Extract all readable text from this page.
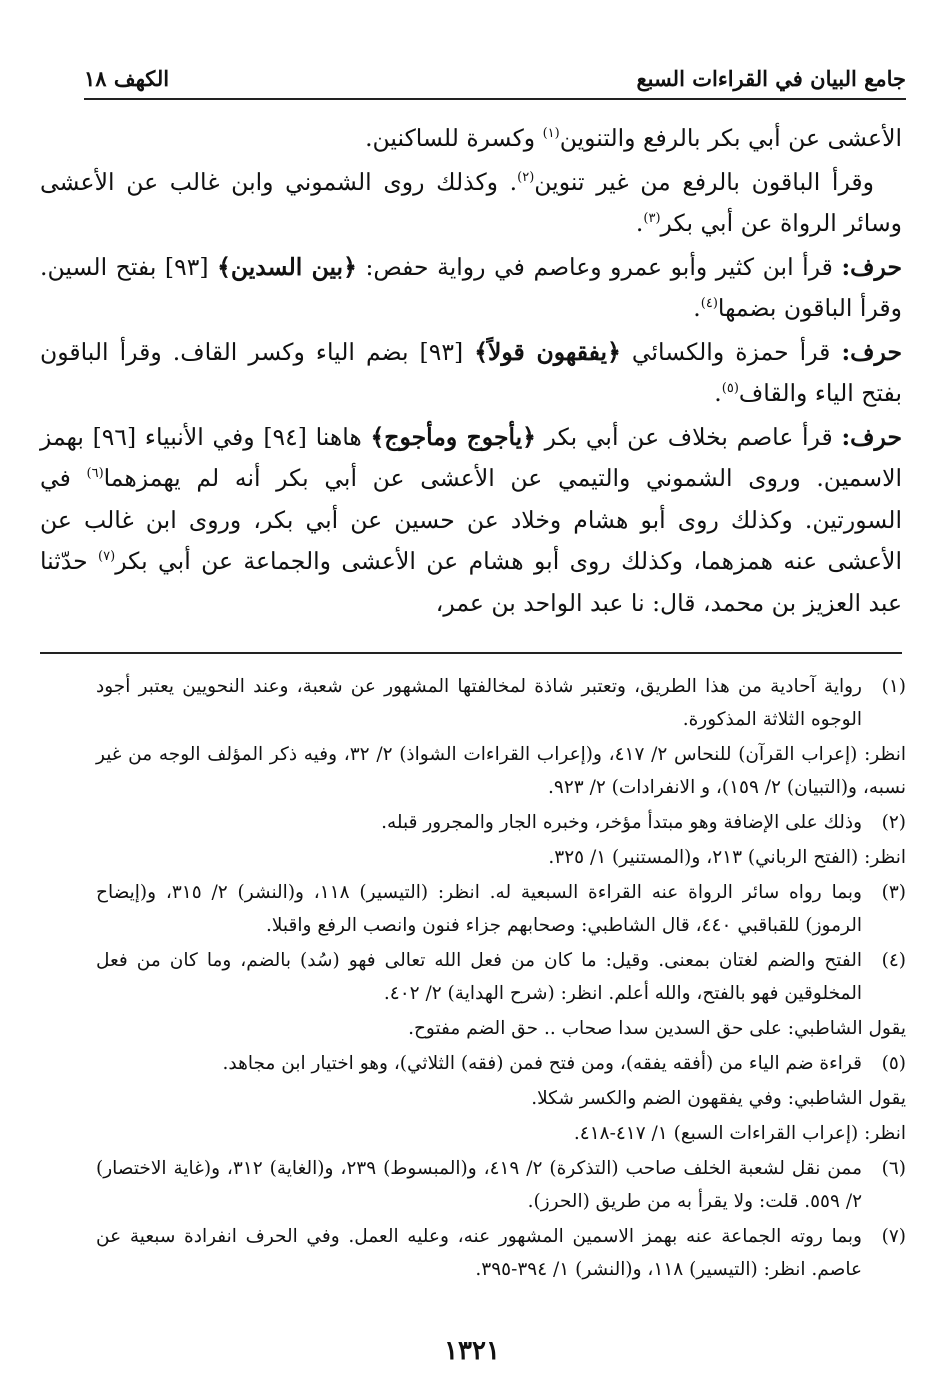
جامع البيان في القراءات السبع
الكهف ١٨

الأعشى عن أبي بكر بالرفع والتنوين$^{(١)}$ وكسرة للساكنين.

وقرأ الباقون بالرفع من غير تنوين$^{(٢)}$. وكذلك روى الشموني وابن غالب عن الأعشى وسائر الرواة عن أبي بكر$^{(٣)}$.

حرف: قرأ ابن كثير وأبو عمرو وعاصم في رواية حفص: ﴿بين السدين﴾ [٩٣] بفتح السين. وقرأ الباقون بضمها$^{(٤)}$.

حرف: قرأ حمزة والكسائي ﴿يفقهون قولاً﴾ [٩٣] بضم الياء وكسر القاف. وقرأ الباقون بفتح الياء والقاف$^{(٥)}$.

حرف: قرأ عاصم بخلاف عن أبي بكر ﴿يأجوج ومأجوج﴾ هاهنا [٩٤] وفي الأنبياء [٩٦] بهمز الاسمين. وروى الشموني والتيمي عن الأعشى عن أبي بكر أنه لم يهمزهما$^{(٦)}$ في السورتين. وكذلك روى أبو هشام وخلاد عن حسين عن أبي بكر، وروى ابن غالب عن الأعشى عنه همزهما، وكذلك روى أبو هشام عن الأعشى والجماعة عن أبي بكر$^{(٧)}$ حدّثنا عبد العزيز بن محمد، قال: نا عبد الواحد بن عمر،

(١)رواية آحادية من هذا الطريق، وتعتبر شاذة لمخالفتها المشهور عن شعبة، وعند النحويين يعتبر أجود الوجوه الثلاثة المذكورة.

انظر: (إعراب القرآن) للنحاس ٢/ ٤١٧، و(إعراب القراءات الشواذ) ٢/ ٣٢، وفيه ذكر المؤلف الوجه من غير نسبه، و(التبيان) ٢/ ١٥٩)، و الانفرادات) ٢/ ٩٢٣.

(٢)وذلك على الإضافة وهو مبتدأ مؤخر، وخبره الجار والمجرور قبله.

انظر: (الفتح الرباني) ٢١٣، و(المستنير) ١/ ٣٢٥.

(٣)وبما رواه سائر الرواة عنه القراءة السبعية له. انظر: (التيسير) ١١٨، و(النشر) ٢/ ٣١٥، و(إيضاح الرموز) للقباقبي ٤٤٠، قال الشاطبي: وصحابهم جزاء فنون وانصب الرفع واقبلا.

(٤)الفتح والضم لغتان بمعنى. وقيل: ما كان من فعل الله تعالى فهو (سُد) بالضم، وما كان من فعل المخلوقين فهو بالفتح، والله أعلم. انظر: (شرح الهداية) ٢/ ٤٠٢.

يقول الشاطبي: على حق السدين سدا صحاب .. حق الضم مفتوح.

(٥)قراءة ضم الياء من (أفقه يفقه)، ومن فتح فمن (فقه) الثلاثي)، وهو اختيار ابن مجاهد.

يقول الشاطبي: وفي يفقهون الضم والكسر شكلا.

انظر: (إعراب القراءات السبع) ١/ ٤١٧-٤١٨.

(٦)ممن نقل لشعبة الخلف صاحب (التذكرة) ٢/ ٤١٩، و(المبسوط) ٢٣٩، و(الغاية) ٣١٢، و(غاية الاختصار) ٢/ ٥٥٩. قلت: ولا يقرأ به من طريق (الحرز).

(٧)وبما روته الجماعة عنه بهمز الاسمين المشهور عنه، وعليه العمل. وفي الحرف انفرادة سبعية عن عاصم. انظر: (التيسير) ١١٨، و(النشر) ١/ ٣٩٤-٣٩٥.

١٣٢١
